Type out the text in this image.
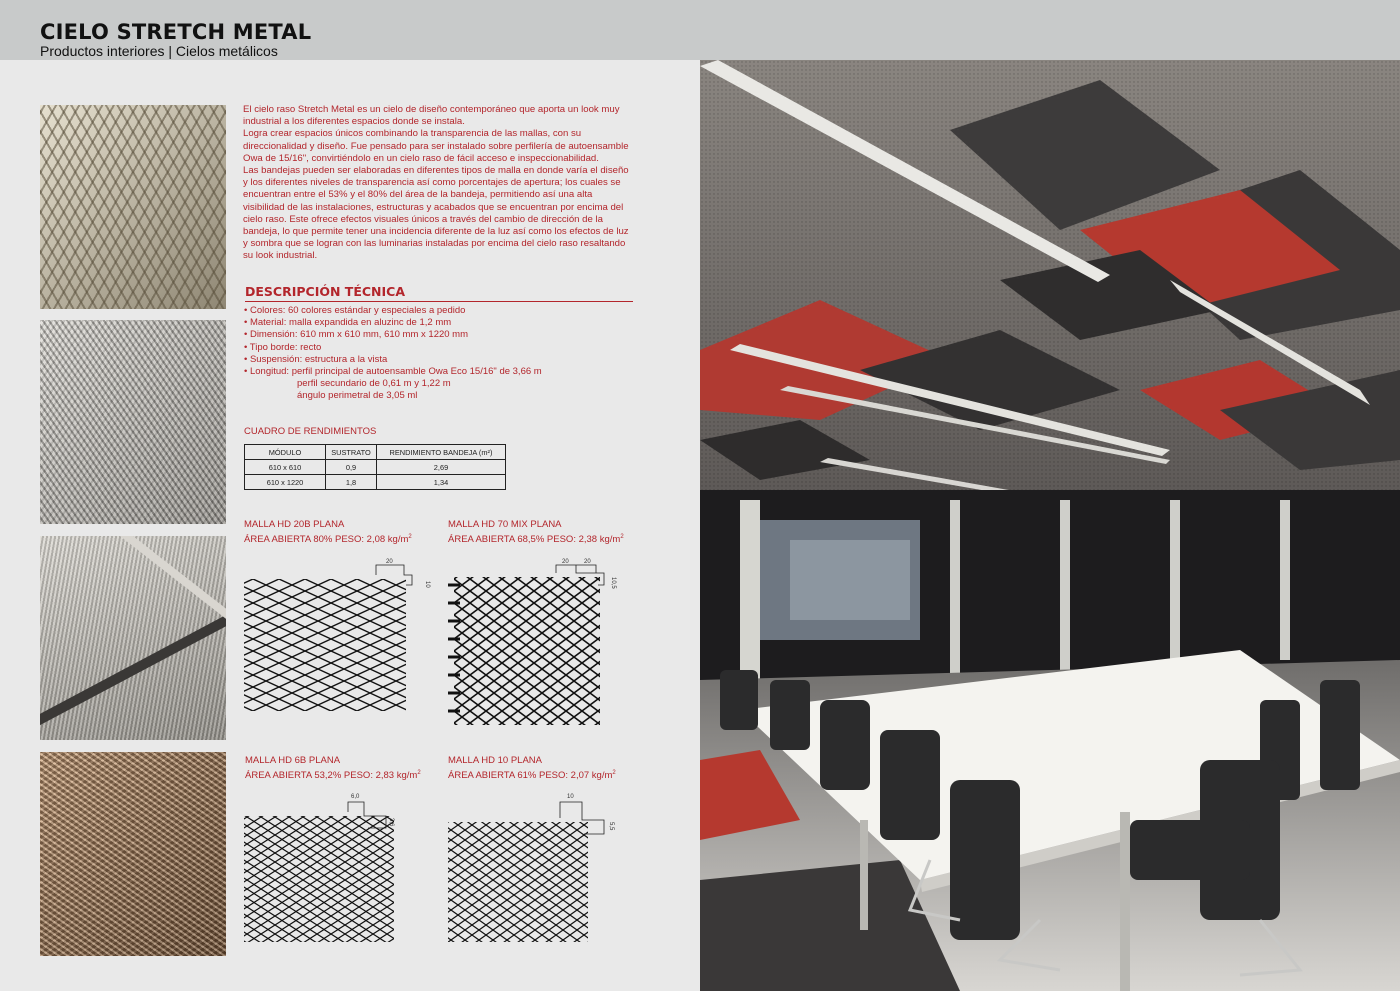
CIELO STRETCH METAL
Productos interiores | Cielos metálicos

El cielo raso Stretch Metal es un cielo de diseño contemporáneo que aporta un look muy industrial a los diferentes espacios donde se instala.

Logra crear espacios únicos combinando la transparencia de las mallas, con su direccionalidad y diseño. Fue pensado para ser instalado sobre perfilería de autoensamble Owa de 15/16", convirtiéndolo en un cielo raso de fácil acceso e inspeccionabilidad.

Las bandejas pueden ser elaboradas en diferentes tipos de malla en donde varía el diseño y los diferentes niveles de transparencia así como porcentajes de apertura; los cuales se encuentran entre el 53% y el 80% del área de la bandeja, permitiendo así una alta visibilidad de las instalaciones, estructuras y acabados que se encuentran por encima del cielo raso. Este ofrece efectos visuales únicos a través del cambio de dirección de la bandeja, lo que permite tener una incidencia diferente de la luz así como los efectos de luz y sombra que se logran con las luminarias instaladas por encima del cielo raso resaltando su look industrial.

DESCRIPCIÓN TÉCNICA
• Colores: 60 colores estándar y especiales a pedido
• Material: malla expandida en aluzinc de 1,2 mm
• Dimensión: 610 mm x 610 mm, 610 mm x 1220 mm
• Tipo borde: recto
• Suspensión: estructura a la vista
• Longitud: perfil principal de autoensamble Owa Eco 15/16" de 3,66 m
perfil secundario de 0,61 m y 1,22 m
ángulo perimetral de 3,05 ml
CUADRO DE RENDIMIENTOS
MÓDULO	SUSTRATO	RENDIMIENTO BANDEJA (m²)
610 x 610	0,9	2,69
610 x 1220	1,8	1,34
MALLA HD 20B PLANA
ÁREA ABIERTA 80% PESO: 2,08 $kg/m^2$
MALLA HD 70 MIX PLANA
ÁREA ABIERTA 68,5% PESO: 2,38 $kg/m^2$
MALLA HD 6B PLANA
ÁREA ABIERTA 53,2% PESO: 2,83 $kg/m^2$
MALLA HD 10 PLANA
ÁREA ABIERTA 61% PESO: 2,07 $kg/m^2$
20
10
20	20
10,5
6,0
3,6
10
5,5
